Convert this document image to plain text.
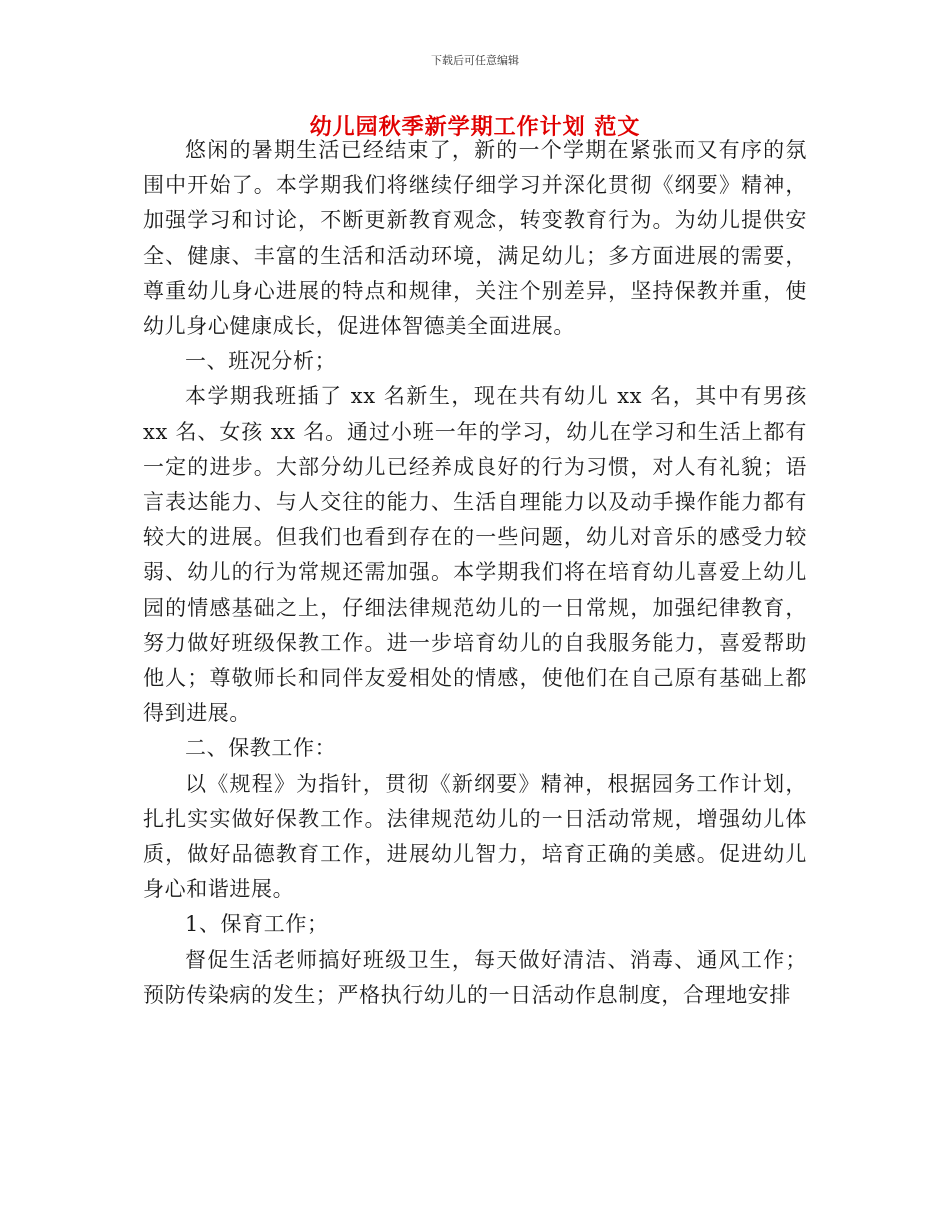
下载后可任意编辑
幼儿园秋季新学期工作计划 范文

悠闲的暑期生活已经结束了，新的一个学期在紧张而又有序的氛围中开始了。本学期我们将继续仔细学习并深化贯彻《纲要》精神，加强学习和讨论，不断更新教育观念，转变教育行为。为幼儿提供安全、健康、丰富的生活和活动环境，满足幼儿；多方面进展的需要，尊重幼儿身心进展的特点和规律，关注个别差异，坚持保教并重，使幼儿身心健康成长，促进体智德美全面进展。

一、班况分析；

本学期我班插了 xx 名新生，现在共有幼儿 xx 名，其中有男孩 xx 名、女孩 xx 名。通过小班一年的学习，幼儿在学习和生活上都有一定的进步。大部分幼儿已经养成良好的行为习惯，对人有礼貌；语言表达能力、与人交往的能力、生活自理能力以及动手操作能力都有较大的进展。但我们也看到存在的一些问题，幼儿对音乐的感受力较弱、幼儿的行为常规还需加强。本学期我们将在培育幼儿喜爱上幼儿园的情感基础之上，仔细法律规范幼儿的一日常规，加强纪律教育，努力做好班级保教工作。进一步培育幼儿的自我服务能力，喜爱帮助他人；尊敬师长和同伴友爱相处的情感，使他们在自己原有基础上都得到进展。

二、保教工作：

以《规程》为指针，贯彻《新纲要》精神，根据园务工作计划，扎扎实实做好保教工作。法律规范幼儿的一日活动常规，增强幼儿体质，做好品德教育工作，进展幼儿智力，培育正确的美感。促进幼儿身心和谐进展。

1、保育工作；

督促生活老师搞好班级卫生，每天做好清洁、消毒、通风工作；预防传染病的发生；严格执行幼儿的一日活动作息制度，合理地安排
